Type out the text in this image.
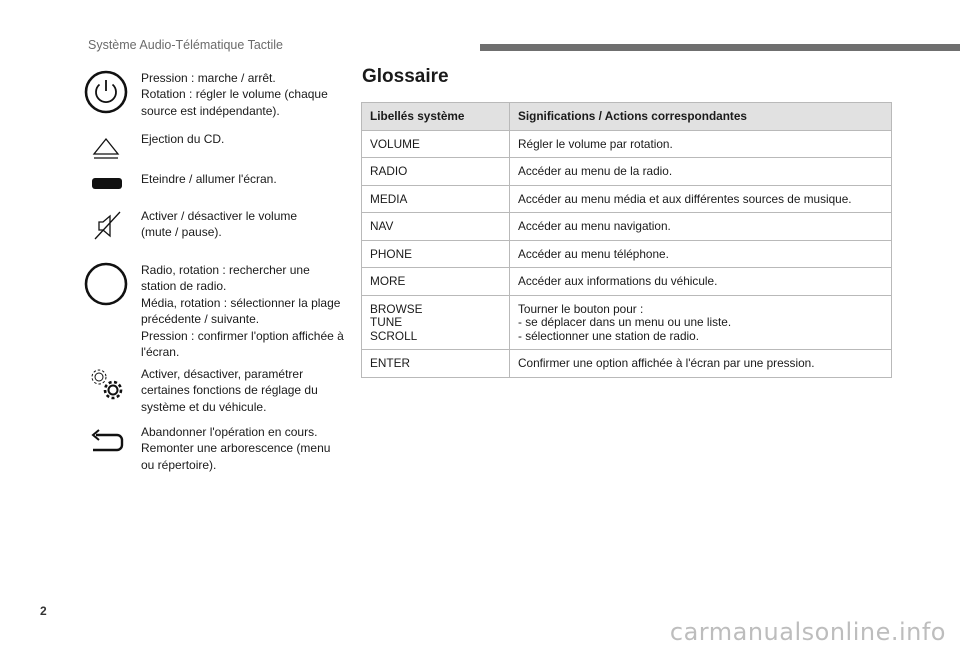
Système Audio-Télématique Tactile
Pression : marche / arrêt.
Rotation : régler le volume (chaque source est indépendante).
Ejection du CD.
Eteindre / allumer l'écran.
Activer / désactiver le volume
(mute / pause).
Radio, rotation : rechercher une station de radio.
Média, rotation : sélectionner la plage précédente / suivante.
Pression : confirmer l'option affichée à l'écran.
Activer, désactiver, paramétrer certaines fonctions de réglage du système et du véhicule.
Abandonner l'opération en cours.
Remonter une arborescence (menu ou répertoire).
Glossaire
Libellés système	Significations / Actions correspondantes
VOLUME	Régler le volume par rotation.
RADIO	Accéder au menu de la radio.
MEDIA	Accéder au menu média et aux différentes sources de musique.
NAV	Accéder au menu navigation.
PHONE	Accéder au menu téléphone.
MORE	Accéder aux informations du véhicule.
BROWSE
TUNE
SCROLL	Tourner le bouton pour :
- se déplacer dans un menu ou une liste.
- sélectionner une station de radio.
ENTER	Confirmer une option affichée à l'écran par une pression.
2
carmanualsonline.info
